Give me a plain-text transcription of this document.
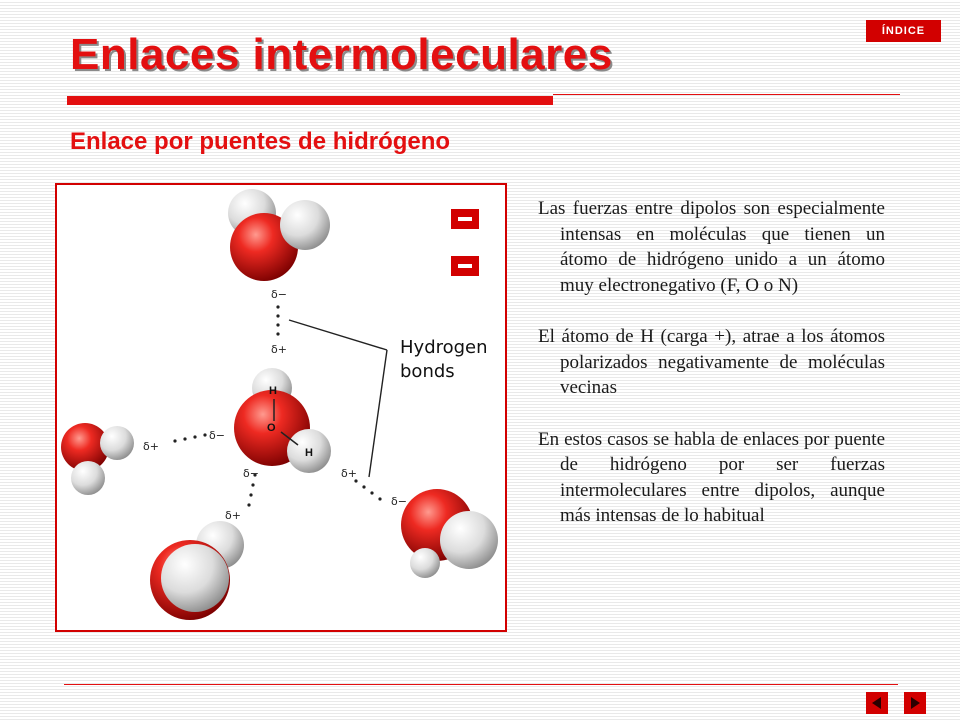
ÍNDICE
Enlaces intermoleculares
Enlace por puentes de hidrógeno
H
O
H
δ−
δ+
δ+
δ−
δ−
δ+
δ+
δ−
Hydrogen
bonds

Las fuerzas entre dipolos son especialmente intensas en moléculas que tienen un átomo de hidrógeno unido a un átomo muy electronegativo (F, O o N)

El átomo de H (carga +), atrae a los átomos polarizados negativamente de moléculas vecinas

En estos casos se habla de enlaces por puente de hidrógeno por ser fuerzas intermoleculares entre dipolos, aunque más intensas de lo habitual
